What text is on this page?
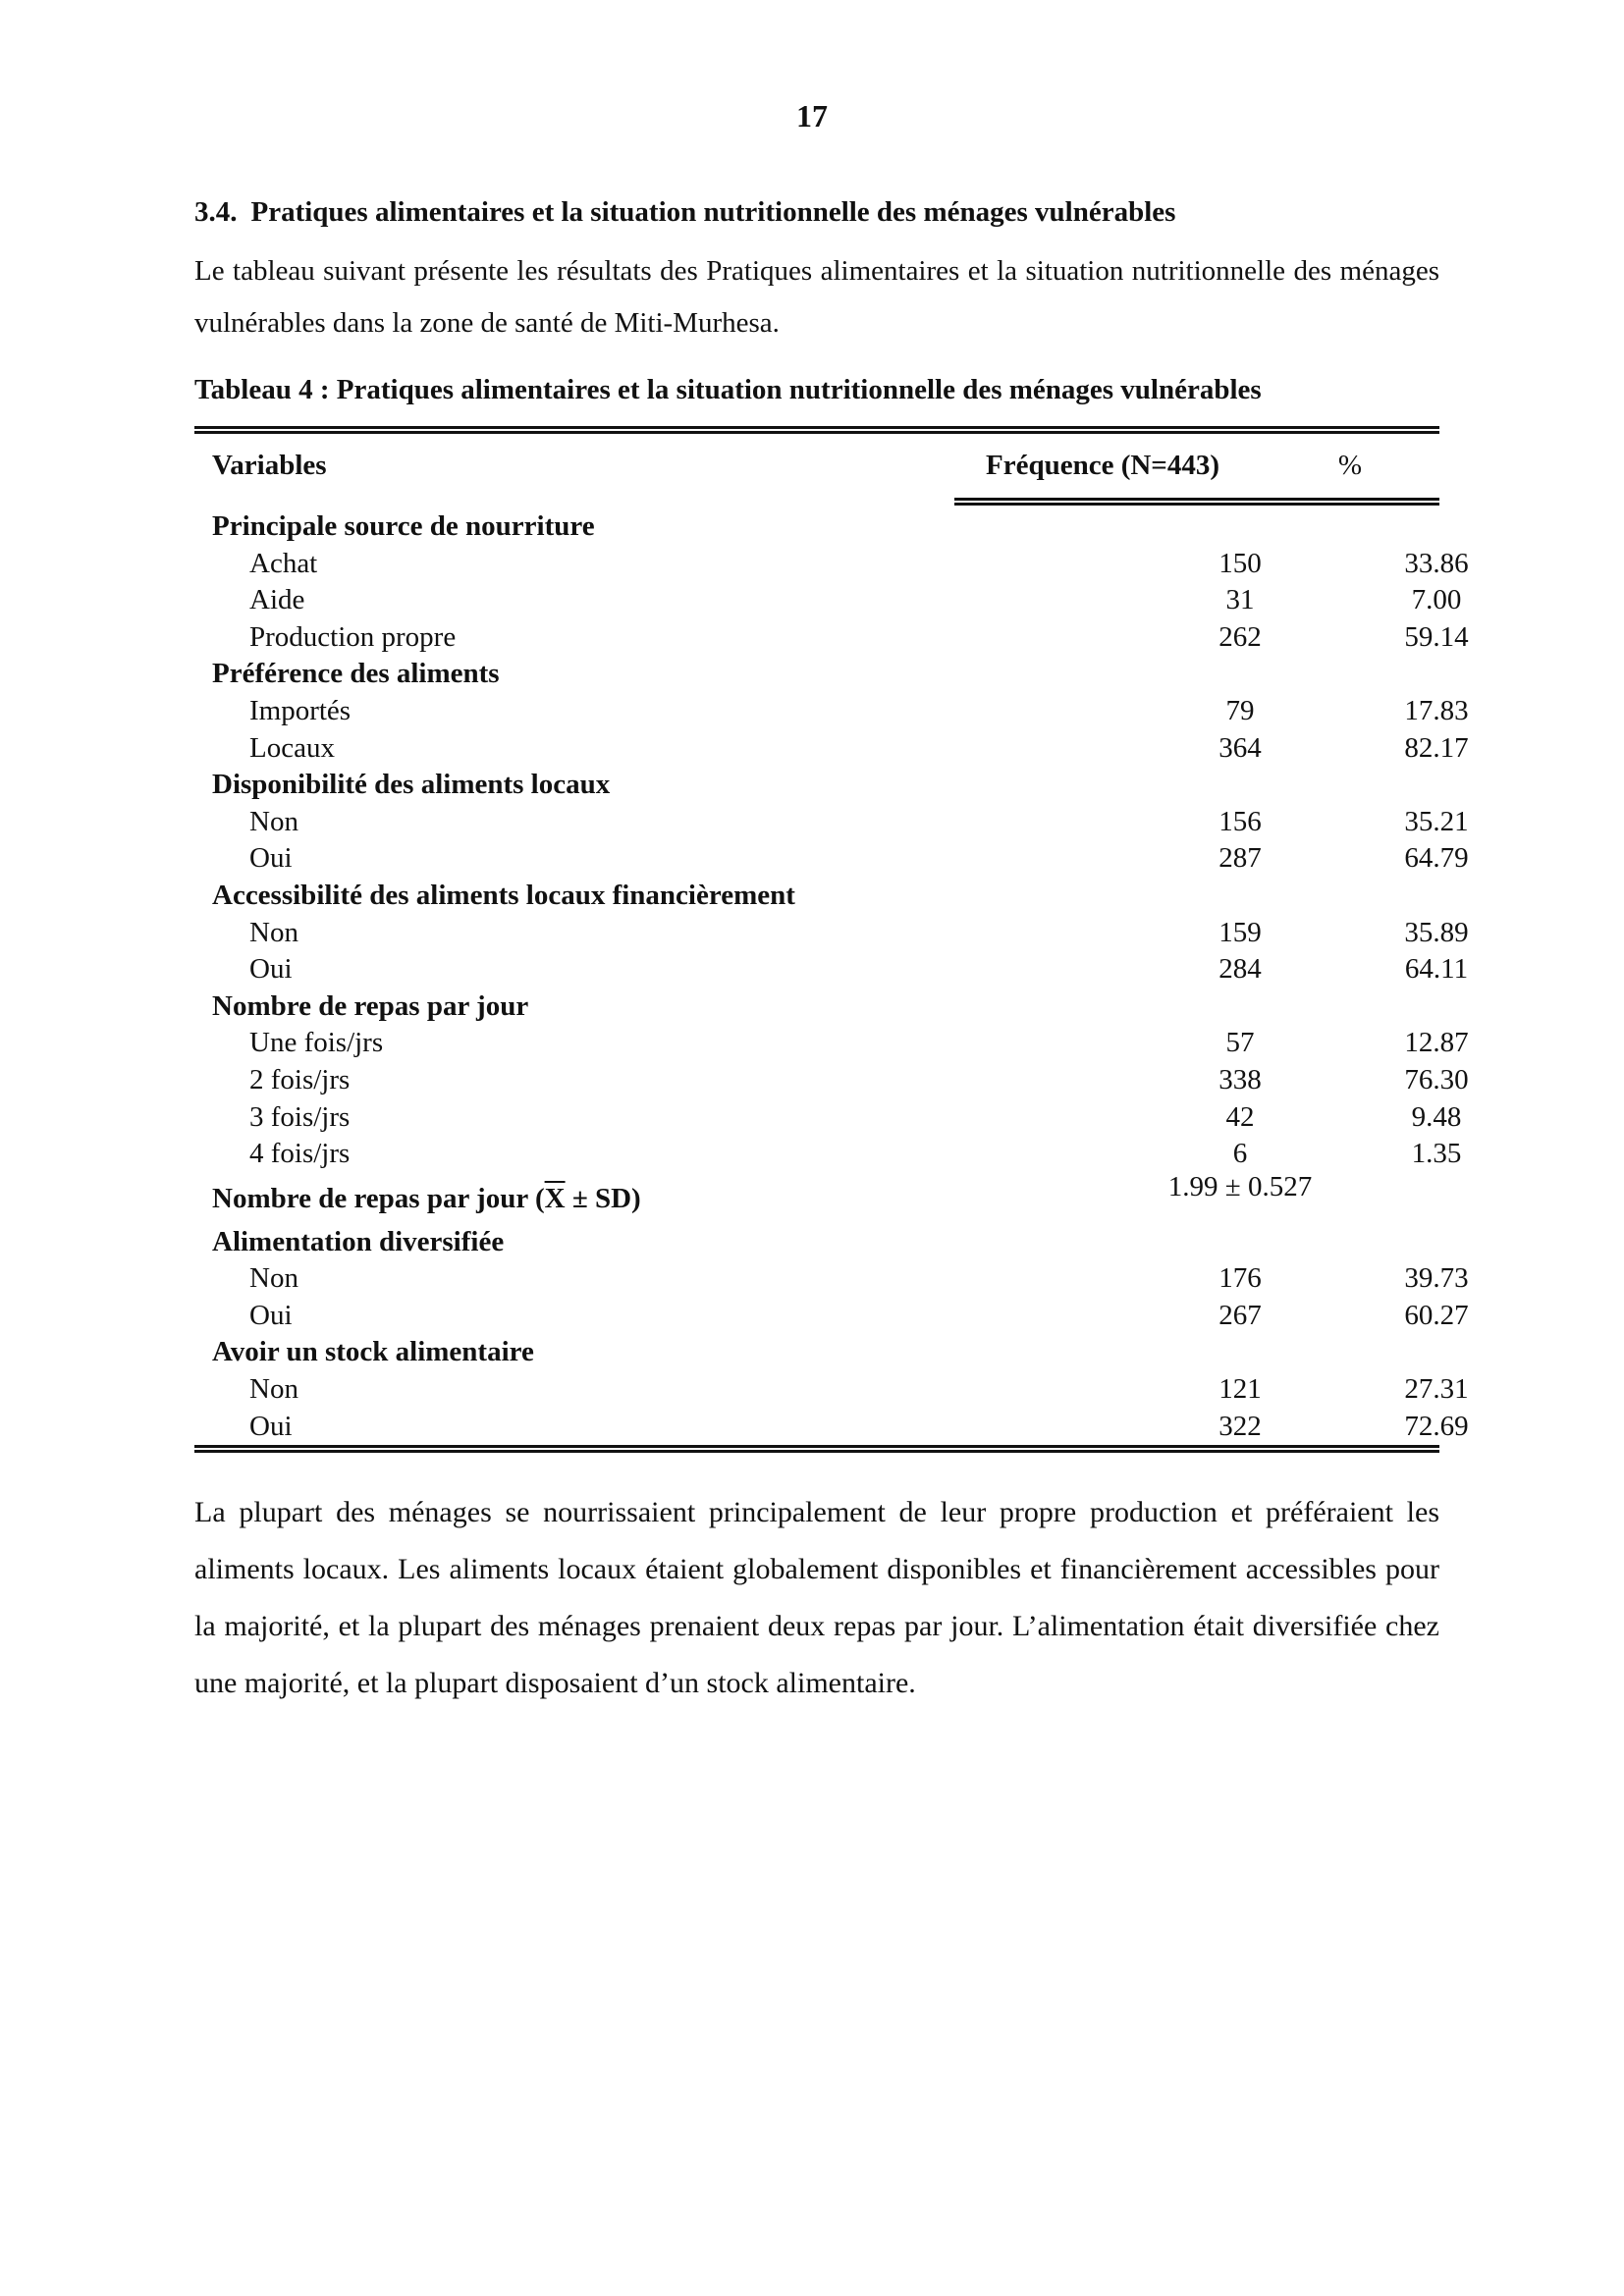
17
3.4. Pratiques alimentaires et la situation nutritionnelle des ménages vulnérables

Le tableau suivant présente les résultats des Pratiques alimentaires et la situation nutritionnelle des ménages vulnérables dans la zone de santé de Miti-Murhesa.

Tableau 4 : Pratiques alimentaires et la situation nutritionnelle des ménages vulnérables
Variables	Fréquence (N=443)	%
Principale source de nourriture
Achat	150	33.86
Aide	31	7.00
Production propre	262	59.14
Préférence des aliments
Importés	79	17.83
Locaux	364	82.17
Disponibilité des aliments locaux
Non	156	35.21
Oui	287	64.79
Accessibilité des aliments locaux financièrement
Non	159	35.89
Oui	284	64.11
Nombre de repas par jour
Une fois/jrs	57	12.87
2 fois/jrs	338	76.30
3 fois/jrs	42	9.48
4 fois/jrs	6	1.35
Nombre de repas par jour $(\overline{X} \pm SD)$	1.99 ± 0.527
Alimentation diversifiée
Non	176	39.73
Oui	267	60.27
Avoir un stock alimentaire
Non	121	27.31
Oui	322	72.69

La plupart des ménages se nourrissaient principalement de leur propre production et préféraient les aliments locaux. Les aliments locaux étaient globalement disponibles et financièrement accessibles pour la majorité, et la plupart des ménages prenaient deux repas par jour. L’alimentation était diversifiée chez une majorité, et la plupart disposaient d’un stock alimentaire.
